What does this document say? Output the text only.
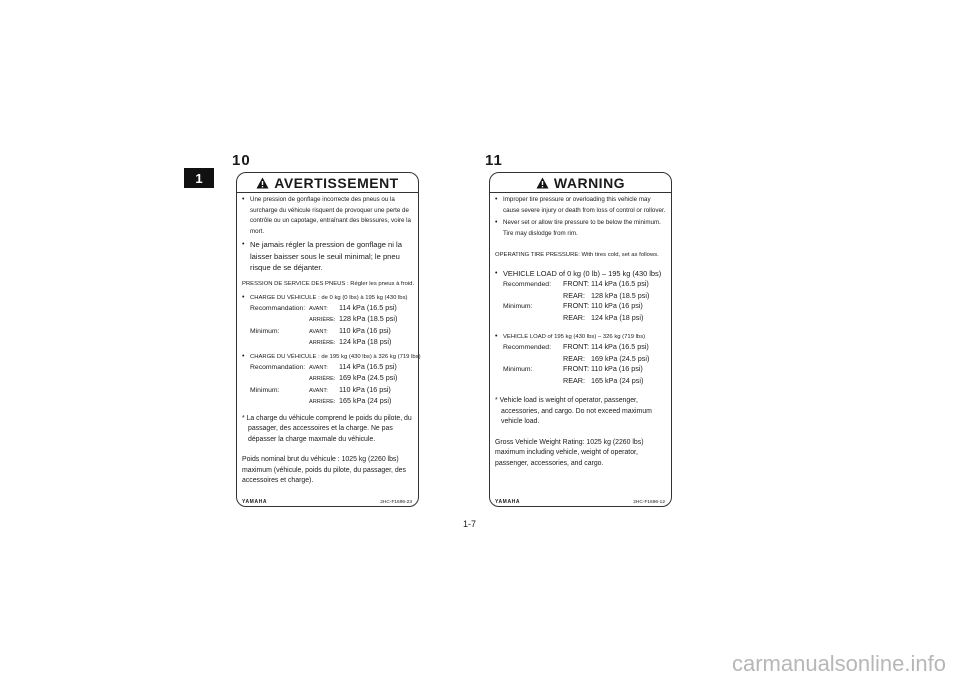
1
10
AVERTISSEMENT
• Une pression de gonflage incorrecte des pneus ou la surcharge du véhicule risquent de provoquer une perte de contrôle ou un capotage, entraînant des blessures, voire la mort.
• Ne jamais régler la pression de gonflage ni la laisser baisser sous le seuil minimal; le pneu risque de se déjanter.
PRESSION DE SERVICE DES PNEUS : Régler les pneus à froid.
• CHARGE DU VÉHICULE : de 0 kg (0 lbs) à 195 kg (430 lbs)
Recommandation: AVANT:	114 kPa (16.5 psi)
ARRIÈRE: 128 kPa (18.5 psi)
Minimum:	AVANT:	110 kPa (16 psi)
ARRIÈRE: 124 kPa (18 psi)
• CHARGE DU VÉHICULE : de 195 kg (430 lbs) à 326 kg (719 lbs)
Recommandation: AVANT:	114 kPa (16.5 psi)
ARRIÈRE: 169 kPa (24.5 psi)
Minimum:	AVANT:	110 kPa (16 psi)
ARRIÈRE: 165 kPa (24 psi)
* La charge du véhicule comprend le poids du pilote, du passager, des accessoires et la charge. Ne pas dépasser la charge maxmale du véhicule.
Poids nominal brut du véhicule : 1025 kg (2260 lbs) maximum (véhicule, poids du pilote, du passager, des accessoires et charge).
YAMAHA	2HC-F1696-23
11
WARNING
• Improper tire pressure or overloading this vehicle may cause severe injury or death from loss of control or rollover.
• Never set or allow tire pressure to be below the minimum. Tire may dislodge from rim.
OPERATING TIRE PRESSURE: With tires cold, set as follows.
• VEHICLE LOAD of 0 kg (0 lb) – 195 kg (430 lbs)
Recommended:	FRONT: 114 kPa (16.5 psi)
REAR: 128 kPa (18.5 psi)
Minimum:	FRONT: 110 kPa (16 psi)
REAR: 124 kPa (18 psi)
• VEHICLE LOAD of 195 kg (430 lbs) – 326 kg (719 lbs)
Recommended:	FRONT: 114 kPa (16.5 psi)
REAR: 169 kPa (24.5 psi)
Minimum:	FRONT: 110 kPa (16 psi)
REAR: 165 kPa (24 psi)
* Vehicle load is weight of operator, passenger, accessories, and cargo. Do not exceed maximum vehicle load.
Gross Vehicle Weight Rating: 1025 kg (2260 lbs) maximum including vehicle, weight of operator, passenger, accessories, and cargo.
YAMAHA	2HC-F1696-12
1-7
carmanualsonline.info
